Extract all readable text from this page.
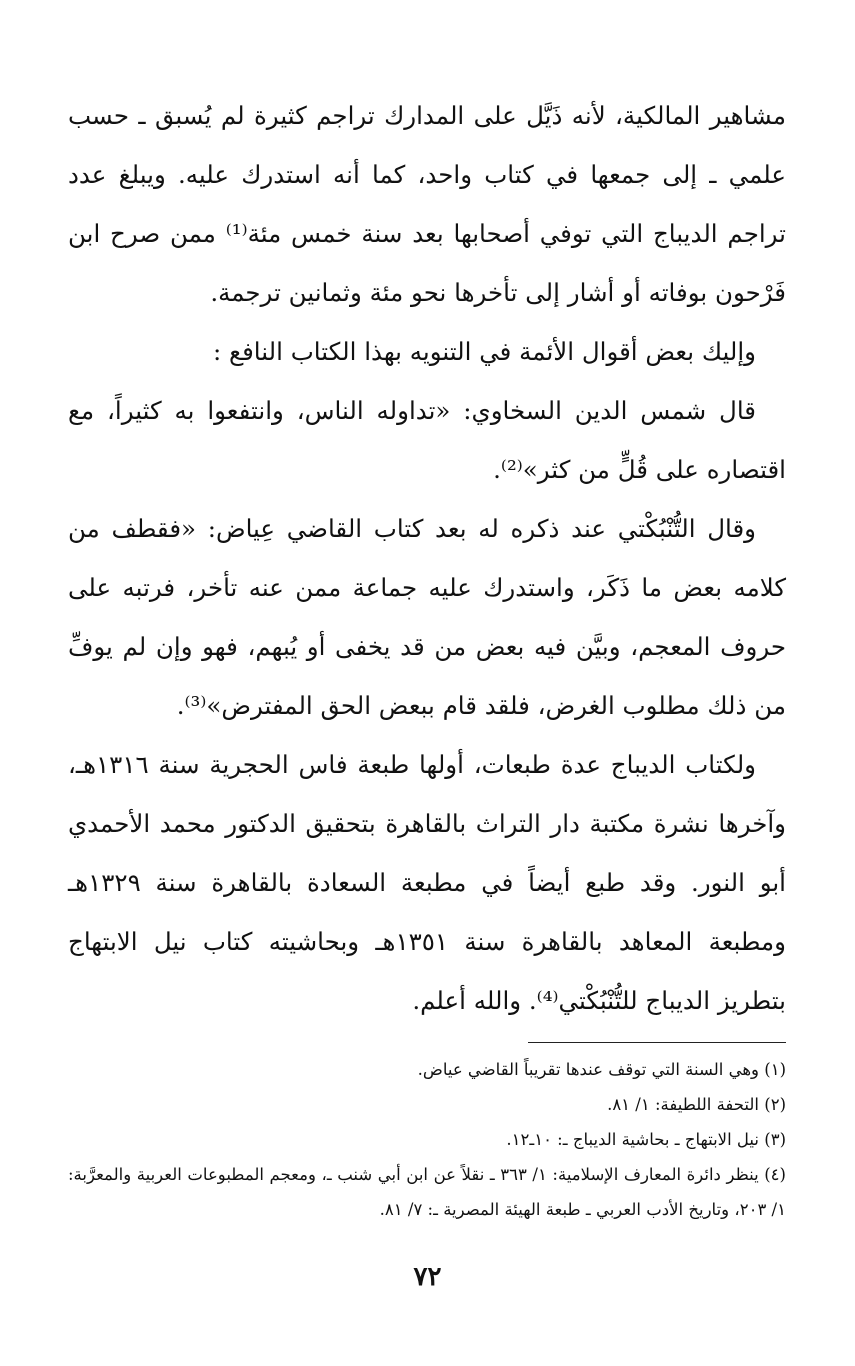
مشاهير المالكية، لأنه ذَيَّل على المدارك تراجم كثيرة لم يُسبق ـ حسب علمي ـ إلى جمعها في كتاب واحد، كما أنه استدرك عليه. ويبلغ عدد تراجم الديباج التي توفي أصحابها بعد سنة خمس مئة⁽¹⁾ ممن صرح ابن فَرْحون بوفاته أو أشار إلى تأخرها نحو مئة وثمانين ترجمة.

وإليك بعض أقوال الأئمة في التنويه بهذا الكتاب النافع :

قال شمس الدين السخاوي: «تداوله الناس، وانتفعوا به كثيراً، مع اقتصاره على قُلٍّ من كثر»⁽²⁾.

وقال التُّنْبُكْتي عند ذكره له بعد كتاب القاضي عِياض: «فقطف من كلامه بعض ما ذَكَر، واستدرك عليه جماعة ممن عنه تأخر، فرتبه على حروف المعجم، وبيَّن فيه بعض من قد يخفى أو يُبهم، فهو وإن لم يوفِّ من ذلك مطلوب الغرض، فلقد قام ببعض الحق المفترض»⁽³⁾.

ولكتاب الديباج عدة طبعات، أولها طبعة فاس الحجرية سنة ١٣١٦هـ، وآخرها نشرة مكتبة دار التراث بالقاهرة بتحقيق الدكتور محمد الأحمدي أبو النور. وقد طبع أيضاً في مطبعة السعادة بالقاهرة سنة ١٣٢٩هـ ومطبعة المعاهد بالقاهرة سنة ١٣٥١هـ وبحاشيته كتاب نيل الابتهاج بتطريز الديباج للتُّنْبُكْتي⁽⁴⁾. والله أعلم.

(١) وهي السنة التي توقف عندها تقريباً القاضي عياض.

(٢) التحفة اللطيفة: ١/ ٨١.

(٣) نيل الابتهاج ـ بحاشية الديباج ـ: ١٠ـ١٢.

(٤) ينظر دائرة المعارف الإسلامية: ١/ ٣٦٣ ـ نقلاً عن ابن أبي شنب ـ، ومعجم المطبوعات العربية والمعرَّبة: ١/ ٢٠٣، وتاريخ الأدب العربي ـ طبعة الهيئة المصرية ـ: ٧/ ٨١.

٧٢
